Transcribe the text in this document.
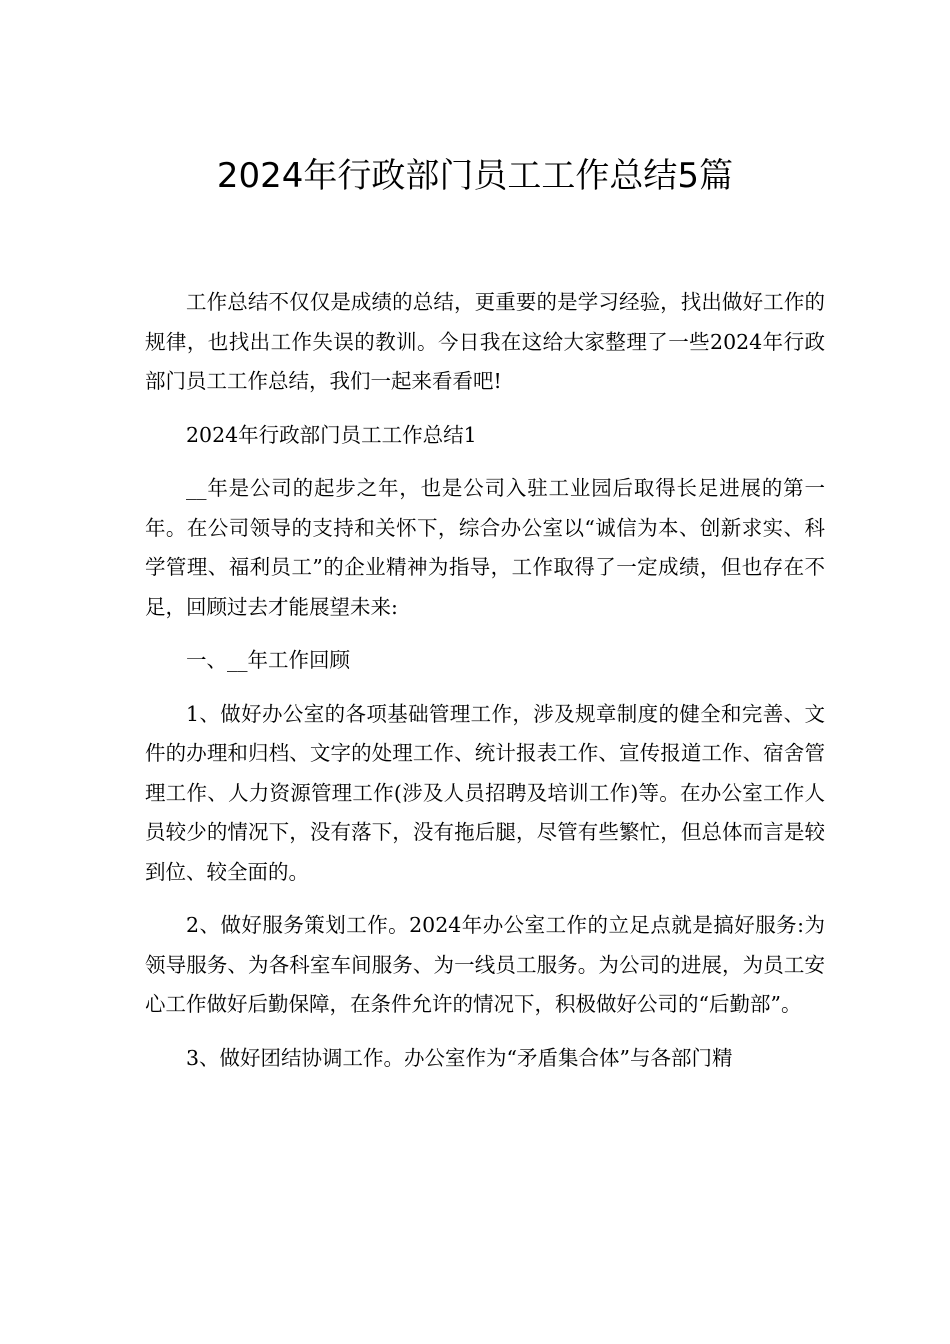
2024年行政部门员工工作总结5篇

工作总结不仅仅是成绩的总结，更重要的是学习经验，找出做好工作的规律，也找出工作失误的教训。今日我在这给大家整理了一些2024年行政部门员工工作总结，我们一起来看看吧!

2024年行政部门员工工作总结1

__年是公司的起步之年，也是公司入驻工业园后取得长足进展的第一年。在公司领导的支持和关怀下，综合办公室以“诚信为本、创新求实、科学管理、福利员工”的企业精神为指导，工作取得了一定成绩，但也存在不足，回顾过去才能展望未来:

一、__年工作回顾

1、做好办公室的各项基础管理工作，涉及规章制度的健全和完善、文件的办理和归档、文字的处理工作、统计报表工作、宣传报道工作、宿舍管理工作、人力资源管理工作(涉及人员招聘及培训工作)等。在办公室工作人员较少的情况下，没有落下，没有拖后腿，尽管有些繁忙，但总体而言是较到位、较全面的。

2、做好服务策划工作。2024年办公室工作的立足点就是搞好服务:为领导服务、为各科室车间服务、为一线员工服务。为公司的进展，为员工安心工作做好后勤保障，在条件允许的情况下，积极做好公司的“后勤部”。

3、做好团结协调工作。办公室作为“矛盾集合体”与各部门精
